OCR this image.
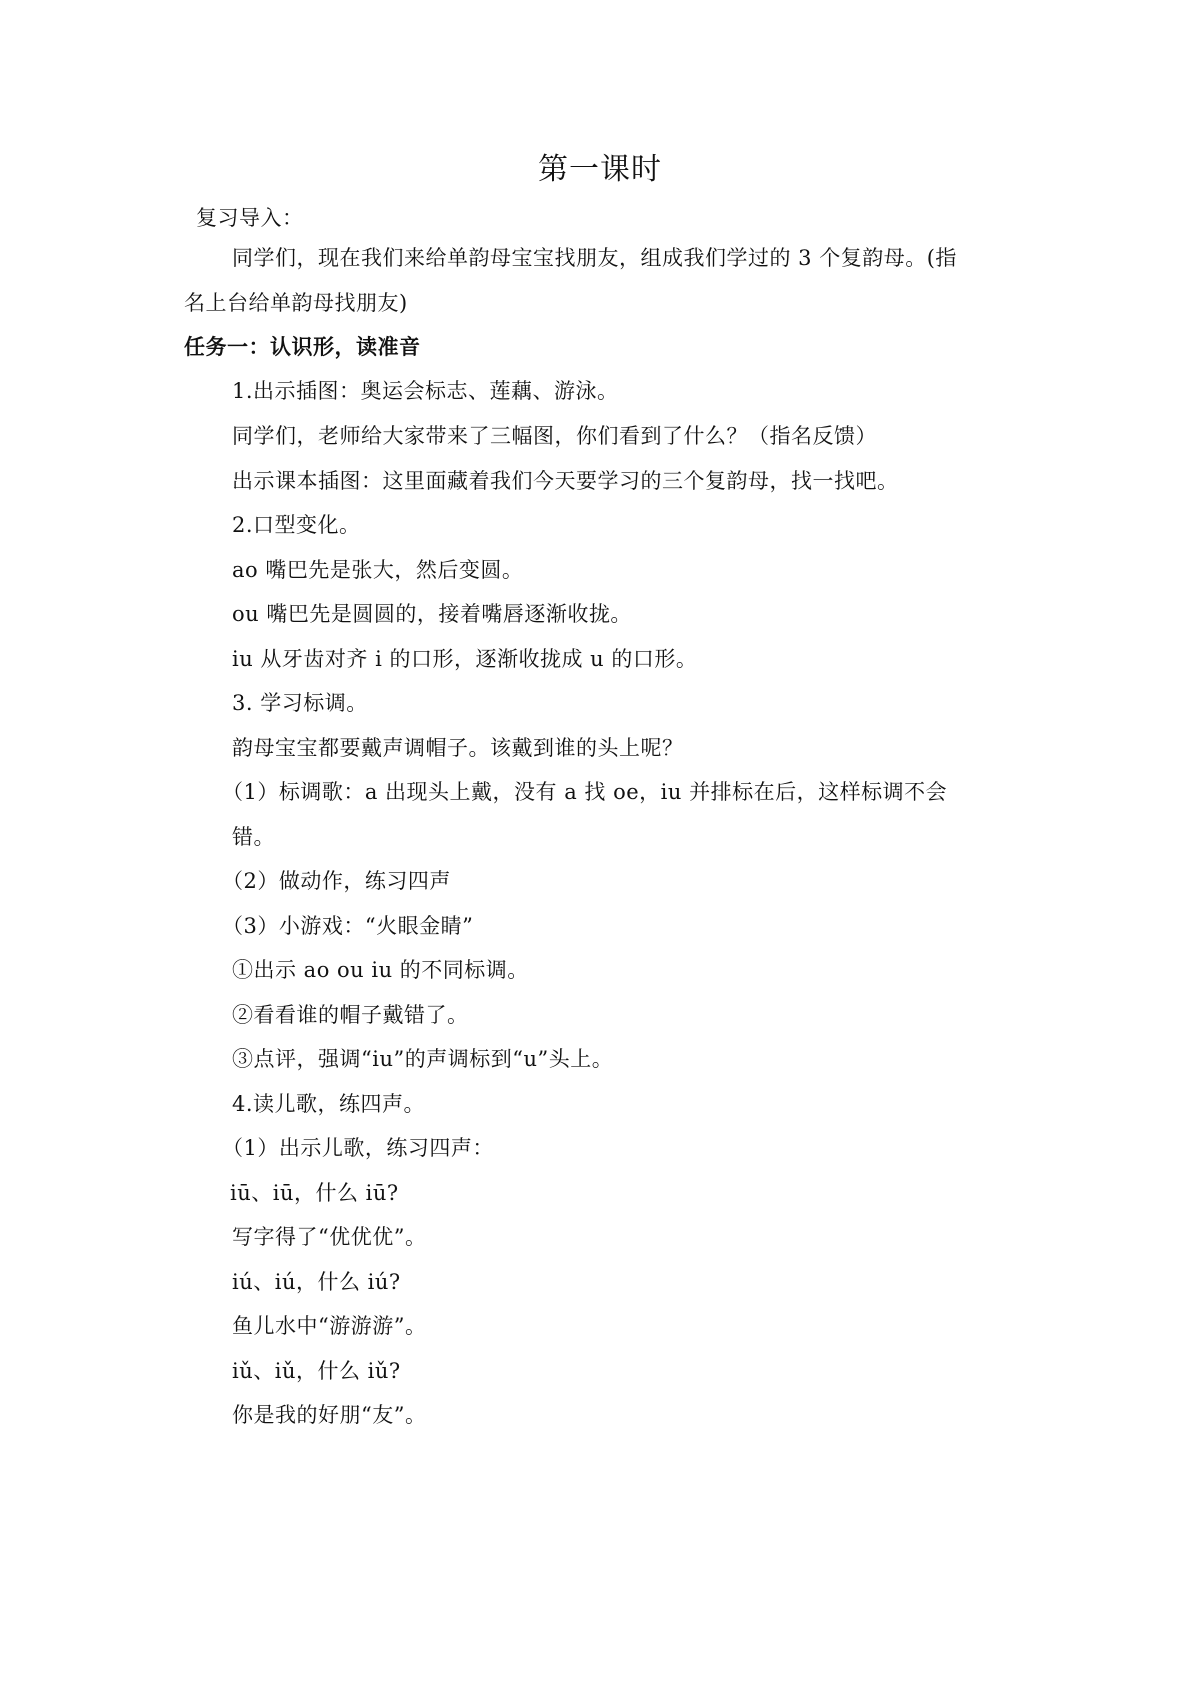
第一课时
复习导入：
同学们，现在我们来给单韵母宝宝找朋友，组成我们学过的 3 个复韵母。(指
名上台给单韵母找朋友)
任务一：认识形，读准音
1.出示插图：奥运会标志、莲藕、游泳。
同学们，老师给大家带来了三幅图，你们看到了什么？（指名反馈）
出示课本插图：这里面藏着我们今天要学习的三个复韵母，找一找吧。
2.口型变化。
ao 嘴巴先是张大，然后变圆。
ou 嘴巴先是圆圆的，接着嘴唇逐渐收拢。
iu 从牙齿对齐 i 的口形，逐渐收拢成 u 的口形。
3. 学习标调。
韵母宝宝都要戴声调帽子。该戴到谁的头上呢？
（1）标调歌：a 出现头上戴，没有 a 找 oe，iu 并排标在后，这样标调不会
错。
（2）做动作，练习四声
（3）小游戏：“火眼金睛”
①出示 ao ou iu 的不同标调。
②看看谁的帽子戴错了。
③点评，强调“iu”的声调标到“u”头上。
4.读儿歌，练四声。
（1）出示儿歌，练习四声：
iū、iū，什么 iū?
写字得了“优优优”。
iú、iú，什么 iú?
鱼儿水中“游游游”。
iǔ、iǔ，什么 iǔ?
你是我的好朋“友”。
